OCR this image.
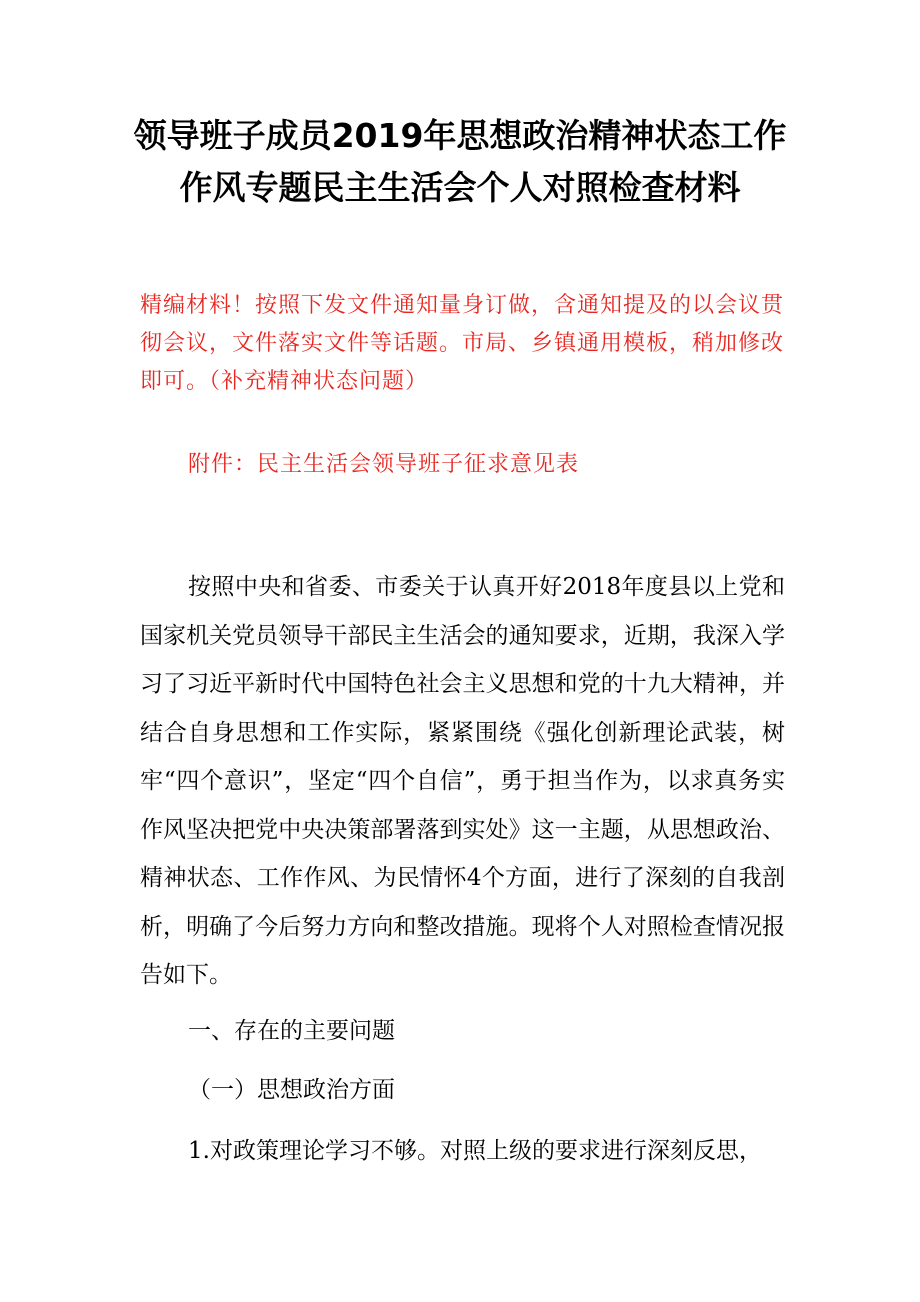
领导班子成员2019年思想政治精神状态工作作风专题民主生活会个人对照检查材料

精编材料！按照下发文件通知量身订做，含通知提及的以会议贯彻会议，文件落实文件等话题。市局、乡镇通用模板，稍加修改即可。（补充精神状态问题）

附件：民主生活会领导班子征求意见表

按照中央和省委、市委关于认真开好2018年度县以上党和国家机关党员领导干部民主生活会的通知要求，近期，我深入学习了习近平新时代中国特色社会主义思想和党的十九大精神，并结合自身思想和工作实际，紧紧围绕《强化创新理论武装，树牢“四个意识”，坚定“四个自信”，勇于担当作为，以求真务实作风坚决把党中央决策部署落到实处》这一主题，从思想政治、精神状态、工作作风、为民情怀4个方面，进行了深刻的自我剖析，明确了今后努力方向和整改措施。现将个人对照检查情况报告如下。

一、存在的主要问题

（一）思想政治方面

1.对政策理论学习不够。对照上级的要求进行深刻反思，
